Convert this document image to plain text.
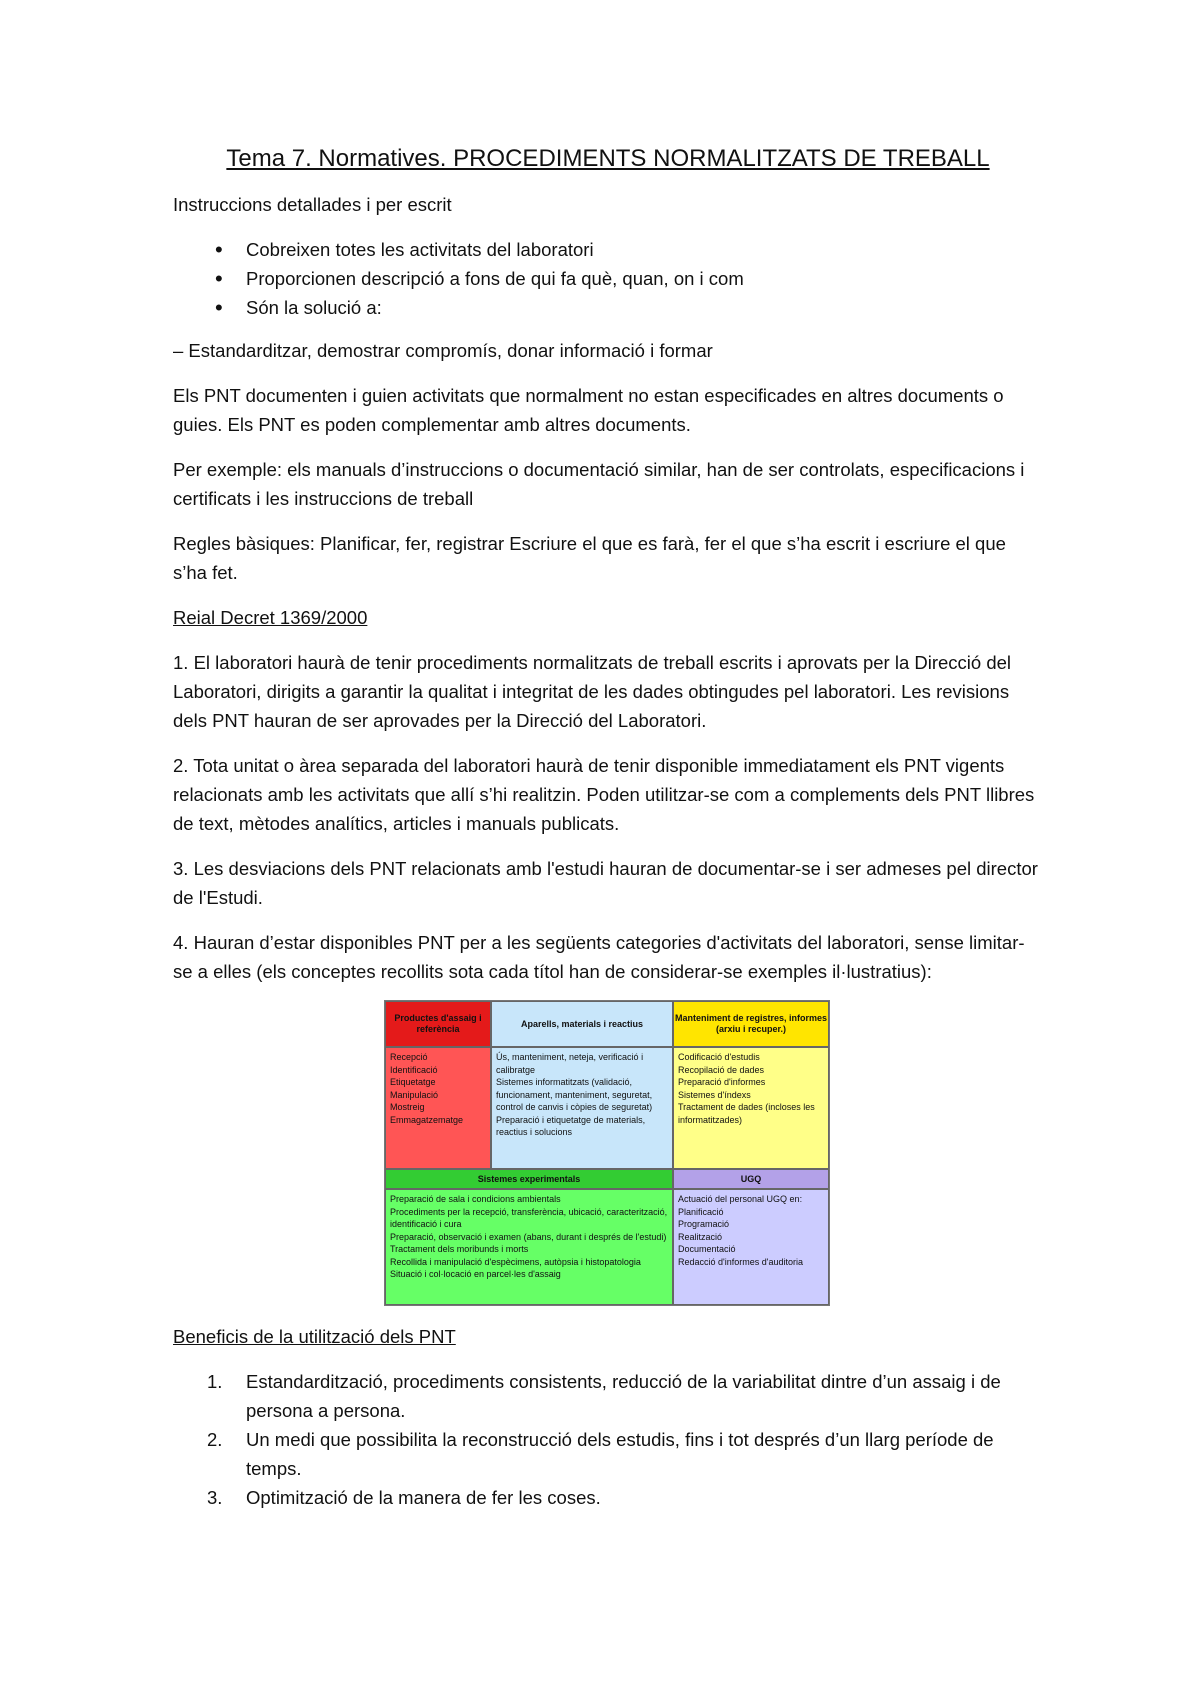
Tema 7. Normatives. PROCEDIMENTS NORMALITZATS DE TREBALL

Instruccions detallades i per escrit

• Cobreixen totes les activitats del laboratori
• Proporcionen descripció a fons de qui fa què, quan, on i com
• Són la solució a:

– Estandarditzar, demostrar compromís, donar informació i formar

Els PNT documenten i guien activitats que normalment no estan especificades en altres documents o guies. Els PNT es poden complementar amb altres documents.

Per exemple: els manuals d’instruccions o documentació similar, han de ser controlats, especificacions i certificats i les instruccions de treball

Regles bàsiques: Planificar, fer, registrar Escriure el que es farà, fer el que s’ha escrit i escriure el que s’ha fet.

Reial Decret 1369/2000

1. El laboratori haurà de tenir procediments normalitzats de treball escrits i aprovats per la Direcció del Laboratori, dirigits a garantir la qualitat i integritat de les dades obtingudes pel laboratori. Les revisions dels PNT hauran de ser aprovades per la Direcció del Laboratori.

2. Tota unitat o àrea separada del laboratori haurà de tenir disponible immediatament els PNT vigents relacionats amb les activitats que allí s’hi realitzin. Poden utilitzar-se com a complements dels PNT llibres de text, mètodes analítics, articles i manuals publicats.

3. Les desviacions dels PNT relacionats amb l'estudi hauran de documentar-se i ser admeses pel director de l'Estudi.

4. Hauran d’estar disponibles PNT per a les següents categories d'activitats del laboratori, sense limitar-se a elles (els conceptes recollits sota cada títol han de considerar-se exemples il·lustratius):

Productes d'assaig i referència
Recepció
Identificació
Etiquetatge
Manipulació
Mostreig
Emmagatzematge
Aparells, materials i reactius
Ús, manteniment, neteja, verificació i calibratge
Sistemes informatitzats (validació, funcionament, manteniment, seguretat, control de canvis i còpies de seguretat)
Preparació i etiquetatge de materials, reactius i solucions
Manteniment de registres, informes (arxiu i recuper.)
Codificació d'estudis
Recopilació de dades
Preparació d'informes
Sistemes d'índexs
Tractament de dades (incloses les informatitzades)
Sistemes experimentals
Preparació de sala i condicions ambientals
Procediments per la recepció, transferència, ubicació, caracterització, identificació i cura
Preparació, observació i examen (abans, durant i després de l'estudi)
Tractament dels moribunds i morts
Recollida i manipulació d'espècimens, autòpsia i histopatologia
Situació i col·locació en parcel·les d'assaig
UGQ
Actuació del personal UGQ en:
Planificació
Programació
Realització
Documentació
Redacció d'informes d'auditoria

Beneficis de la utilització dels PNT

1. Estandardització, procediments consistents, reducció de la variabilitat dintre d’un assaig i de persona a persona.
2. Un medi que possibilita la reconstrucció dels estudis, fins i tot després d’un llarg període de temps.
3. Optimització de la manera de fer les coses.
